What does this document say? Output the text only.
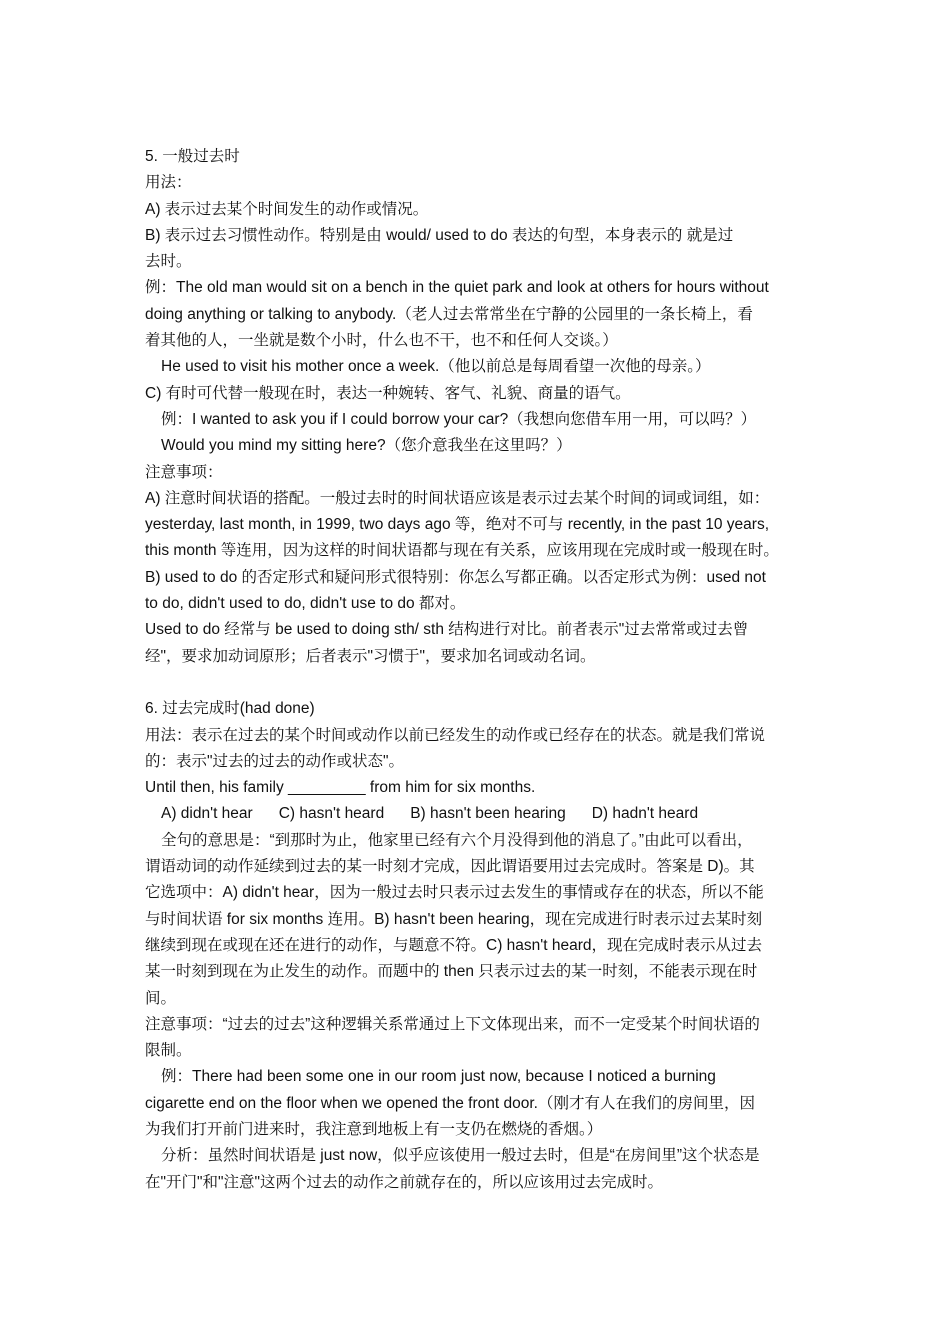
5. 一般过去时

用法：

A) 表示过去某个时间发生的动作或情况。

B) 表示过去习惯性动作。特别是由 would/ used to do 表达的句型，本身表示的 就是过

去时。

例：The old man would sit on a bench in the quiet park and look at others for hours without

doing anything or talking to anybody.（老人过去常常坐在宁静的公园里的一条长椅上，看

着其他的人，一坐就是数个小时，什么也不干，也不和任何人交谈。）

He used to visit his mother once a week.（他以前总是每周看望一次他的母亲。）

C) 有时可代替一般现在时，表达一种婉转、客气、礼貌、商量的语气。

例：I wanted to ask you if I could borrow your car?（我想向您借车用一用，可以吗？）

Would you mind my sitting here?（您介意我坐在这里吗？）

注意事项：

A) 注意时间状语的搭配。一般过去时的时间状语应该是表示过去某个时间的词或词组，如：

yesterday, last month, in 1999, two days ago 等，绝对不可与 recently, in the past 10 years,

this month 等连用，因为这样的时间状语都与现在有关系，应该用现在完成时或一般现在时。

B) used to do 的否定形式和疑问形式很特别：你怎么写都正确。以否定形式为例：used not

to do, didn't used to do, didn't use to do 都对。

Used to do 经常与 be used to doing sth/ sth 结构进行对比。前者表示"过去常常或过去曾

经"，要求加动词原形；后者表示"习惯于"，要求加名词或动名词。

6. 过去完成时(had done)

用法：表示在过去的某个时间或动作以前已经发生的动作或已经存在的状态。就是我们常说

的：表示"过去的过去的动作或状态"。

Until then, his family _________ from him for six months.

A) didn't hear C) hasn't heard B) hasn't been hearing D) hadn't heard

全句的意思是：“到那时为止，他家里已经有六个月没得到他的消息了。”由此可以看出，

谓语动词的动作延续到过去的某一时刻才完成，因此谓语要用过去完成时。答案是 D)。其

它选项中：A) didn't hear，因为一般过去时只表示过去发生的事情或存在的状态，所以不能

与时间状语 for six months 连用。B) hasn't been hearing，现在完成进行时表示过去某时刻

继续到现在或现在还在进行的动作，与题意不符。C) hasn't heard，现在完成时表示从过去

某一时刻到现在为止发生的动作。而题中的 then 只表示过去的某一时刻，不能表示现在时

间。

注意事项：“过去的过去”这种逻辑关系常通过上下文体现出来，而不一定受某个时间状语的

限制。

例：There had been some one in our room just now, because I noticed a burning

cigarette end on the floor when we opened the front door.（刚才有人在我们的房间里，因

为我们打开前门进来时，我注意到地板上有一支仍在燃烧的香烟。）

分析：虽然时间状语是 just now，似乎应该使用一般过去时，但是“在房间里”这个状态是

在"开门"和"注意"这两个过去的动作之前就存在的，所以应该用过去完成时。
